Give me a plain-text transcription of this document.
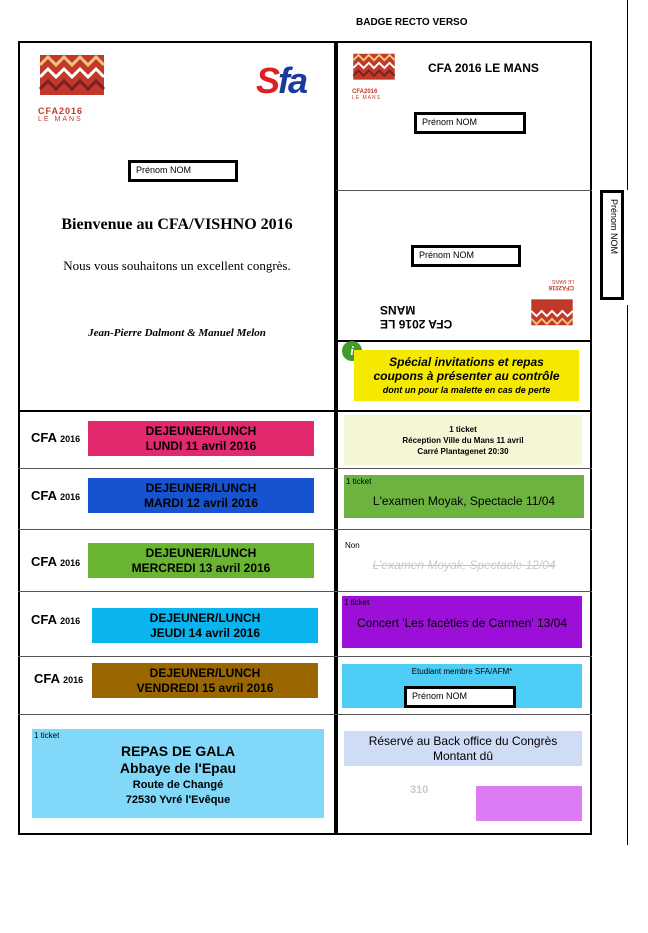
BADGE RECTO VERSO
CFA2016
LE MANS
Sfa
Prénom NOM
Bienvenue au CFA/VISHNO 2016
Nous vous souhaitons un excellent congrès.
Jean-Pierre Dalmont & Manuel Melon
CFA2016
LE MANS
CFA 2016 LE MANS
Prénom NOM
Prénom NOM
CFA 2016 LE
MANS
CFA2016
LE MANS
Prénom NOM
i
Spécial invitations et repas
coupons à présenter au contrôle
dont un pour la malette en cas de perte
CFA 2016
DEJEUNER/LUNCH
LUNDI 11 avril 2016
CFA 2016
DEJEUNER/LUNCH
MARDI 12 avril 2016
CFA 2016
DEJEUNER/LUNCH
MERCREDI 13 avril 2016
CFA 2016	DEJEUNER/LUNCH
JEUDI 14 avril 2016
CFA 2016
DEJEUNER/LUNCH
VENDREDI 15 avril 2016
1 ticket
Réception Ville du Mans 11 avril
Carré Plantagenet 20:30
1 ticket
L'examen Moyak, Spectacle 11/04
Non
L'examen Moyak, Spectacle 12/04
1 ticket
Concert 'Les facéties de Carmen' 13/04
Etudiant membre SFA/AFM*
Prénom NOM
1 ticket
REPAS DE GALA
Abbaye de l'Epau
Route de Changé
72530 Yvré l'Evêque
Réservé au Back office du Congrès
Montant dû
310
